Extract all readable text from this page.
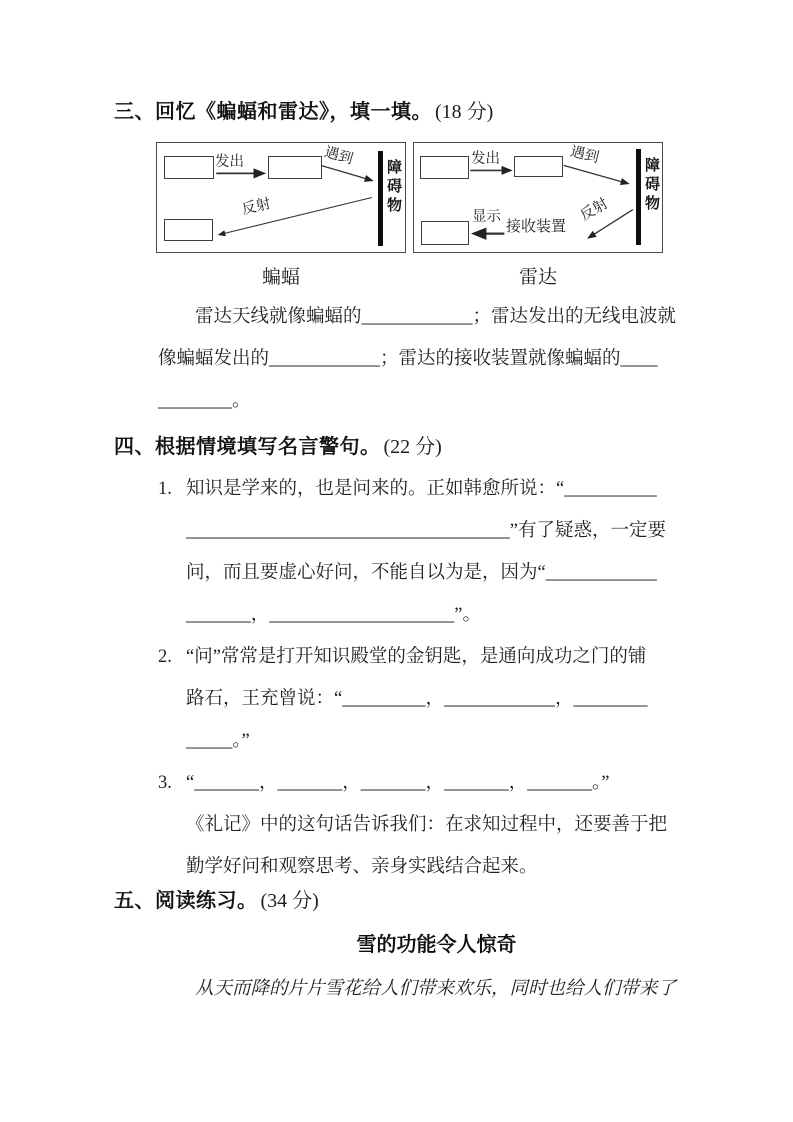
三、回忆《蝙蝠和雷达》，填一填。 (18 分)
发出	遇到
障碍物
反射
发出	遇到
障碍物
反射
接收装置
显示
蝙蝠	雷达
雷达天线就像蝙蝠的____________；雷达发出的无线电波就
像蝙蝠发出的____________；雷达的接收装置就像蝙蝠的____
________。
四、根据情境填写名言警句。 (22 分)
1. 知识是学来的，也是问来的。正如韩愈所说：“__________
___________________________________”有了疑惑，一定要
问，而且要虚心好问，不能自以为是，因为“____________
_______，____________________”。
2. “问”常常是打开知识殿堂的金钥匙，是通向成功之门的铺
路石，王充曾说：“_________，____________，________
_____。”
3. “_______，_______，_______，_______，_______。”
《礼记》中的这句话告诉我们：在求知过程中，还要善于把
勤学好问和观察思考、亲身实践结合起来。
五、阅读练习。 (34 分)
雪的功能令人惊奇
从天而降的片片雪花给人们带来欢乐，同时也给人们带来了
